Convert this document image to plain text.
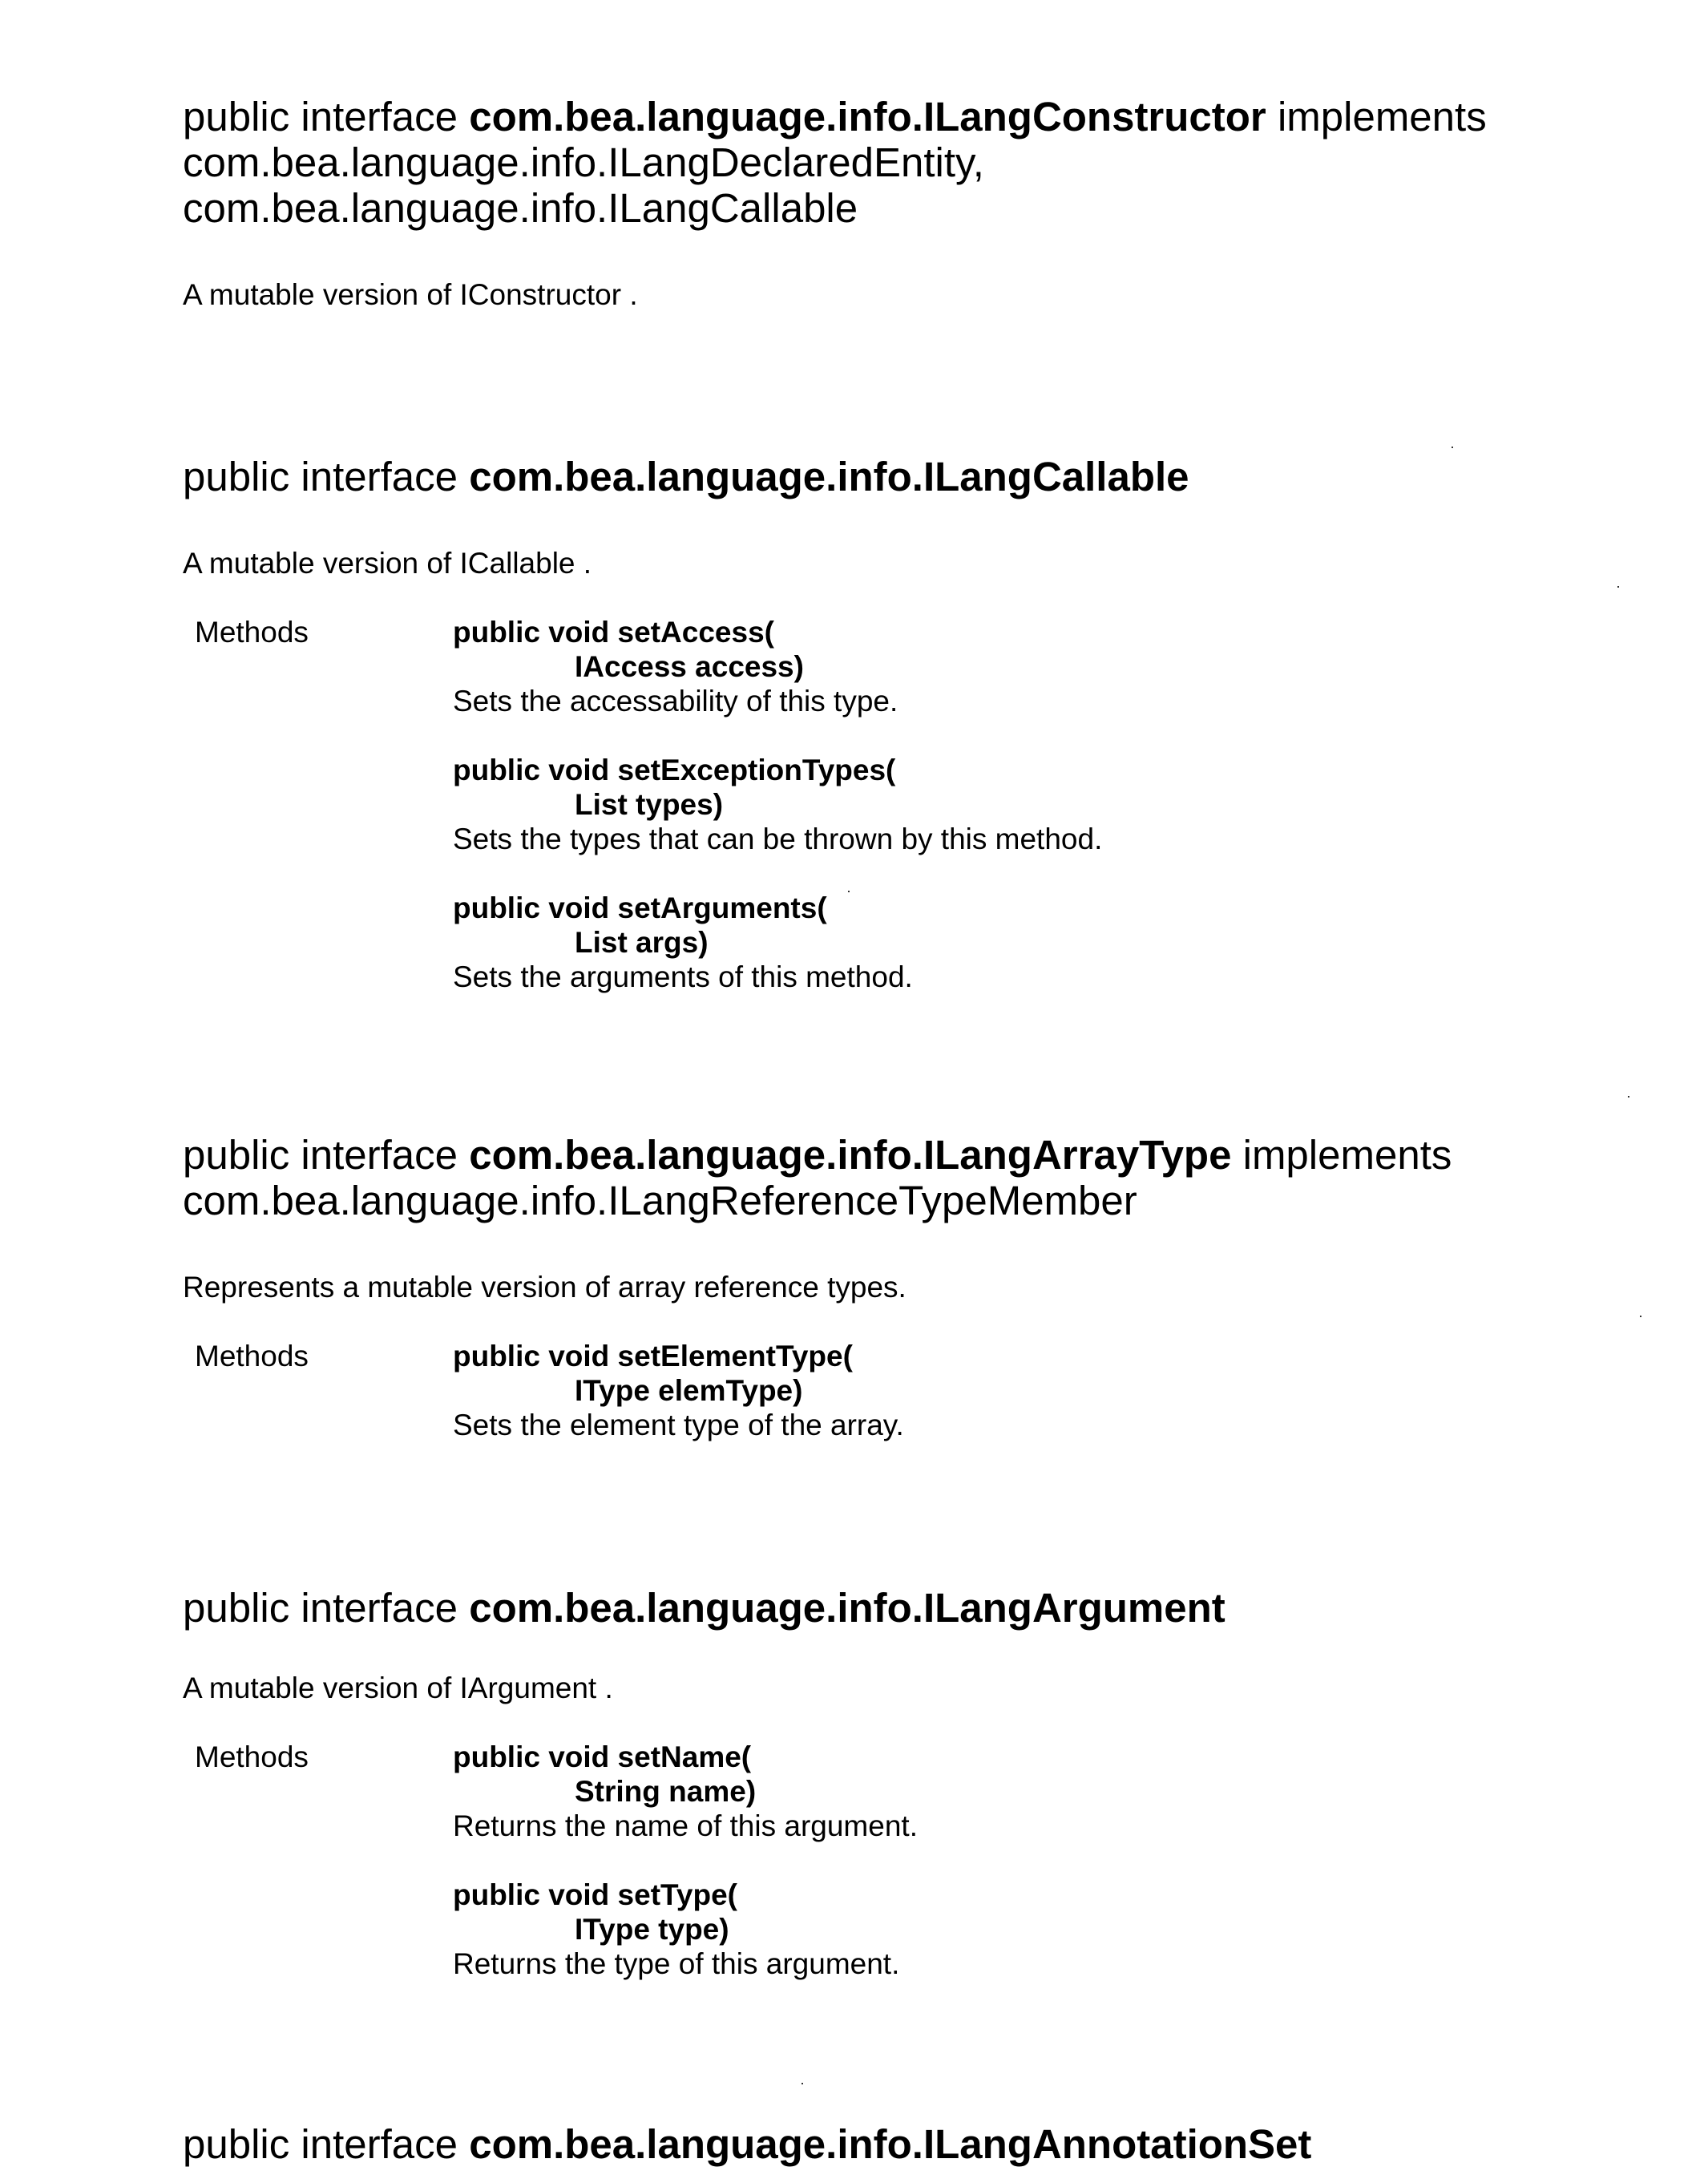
public interface com.bea.language.info.ILangConstructor implements
com.bea.language.info.ILangDeclaredEntity,
com.bea.language.info.ILangCallable
A mutable version of IConstructor .
public interface com.bea.language.info.ILangCallable
A mutable version of ICallable .
Methods	public void setAccess(
IAccess access)
Sets the accessability of this type.
public void setExceptionTypes(
List types)
Sets the types that can be thrown by this method.
public void setArguments(
List args)
Sets the arguments of this method.
public interface com.bea.language.info.ILangArrayType implements
com.bea.language.info.ILangReferenceTypeMember
Represents a mutable version of array reference types.
Methods	public void setElementType(
IType elemType)
Sets the element type of the array.
public interface com.bea.language.info.ILangArgument
A mutable version of IArgument .
Methods	public void setName(
String name)
Returns the name of this argument.
public void setType(
IType type)
Returns the type of this argument.
public interface com.bea.language.info.ILangAnnotationSet
